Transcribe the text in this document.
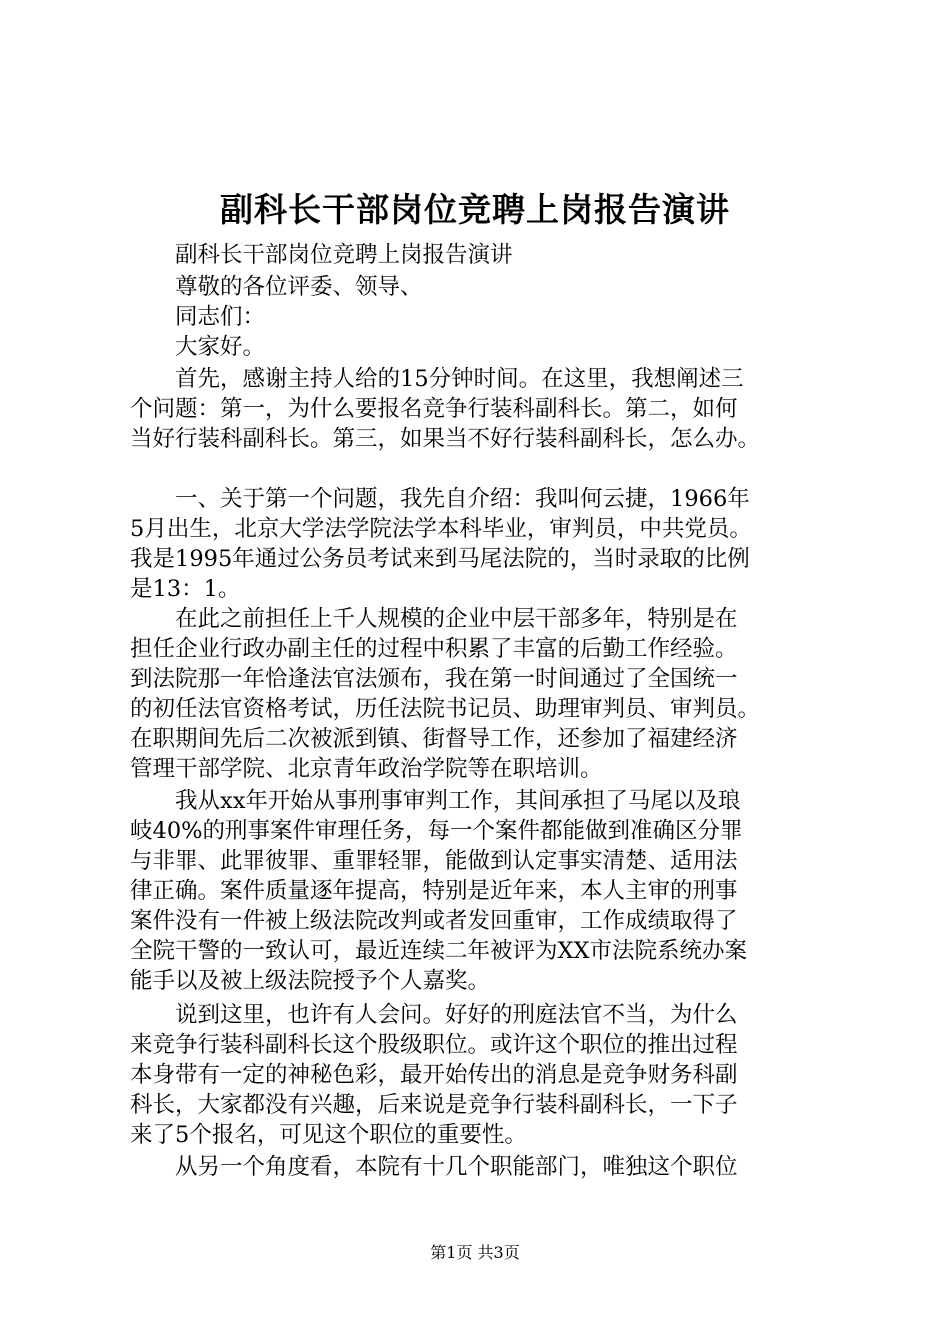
副科长干部岗位竞聘上岗报告演讲
　　副科长干部岗位竞聘上岗报告演讲
　　尊敬的各位评委、领导、
　　同志们：
　　大家好。
　　首先，感谢主持人给的15分钟时间。在这里，我想阐述三
个问题：第一，为什么要报名竞争行装科副科长。第二，如何
当好行装科副科长。第三，如果当不好行装科副科长，怎么办。
　　一、关于第一个问题，我先自介绍：我叫何云捷，1966年
5月出生，北京大学法学院法学本科毕业，审判员，中共党员。
我是1995年通过公务员考试来到马尾法院的，当时录取的比例
是13：1。
　　在此之前担任上千人规模的企业中层干部多年，特别是在
担任企业行政办副主任的过程中积累了丰富的后勤工作经验。
到法院那一年恰逢法官法颁布，我在第一时间通过了全国统一
的初任法官资格考试，历任法院书记员、助理审判员、审判员。
在职期间先后二次被派到镇、街督导工作，还参加了福建经济
管理干部学院、北京青年政治学院等在职培训。
　　我从xx年开始从事刑事审判工作，其间承担了马尾以及琅
岐40%的刑事案件审理任务，每一个案件都能做到准确区分罪
与非罪、此罪彼罪、重罪轻罪，能做到认定事实清楚、适用法
律正确。案件质量逐年提高，特别是近年来，本人主审的刑事
案件没有一件被上级法院改判或者发回重审，工作成绩取得了
全院干警的一致认可，最近连续二年被评为XX市法院系统办案
能手以及被上级法院授予个人嘉奖。
　　说到这里，也许有人会问。好好的刑庭法官不当，为什么
来竞争行装科副科长这个股级职位。或许这个职位的推出过程
本身带有一定的神秘色彩，最开始传出的消息是竞争财务科副
科长，大家都没有兴趣，后来说是竞争行装科副科长，一下子
来了5个报名，可见这个职位的重要性。
　　从另一个角度看，本院有十几个职能部门，唯独这个职位
第1页 共3页
